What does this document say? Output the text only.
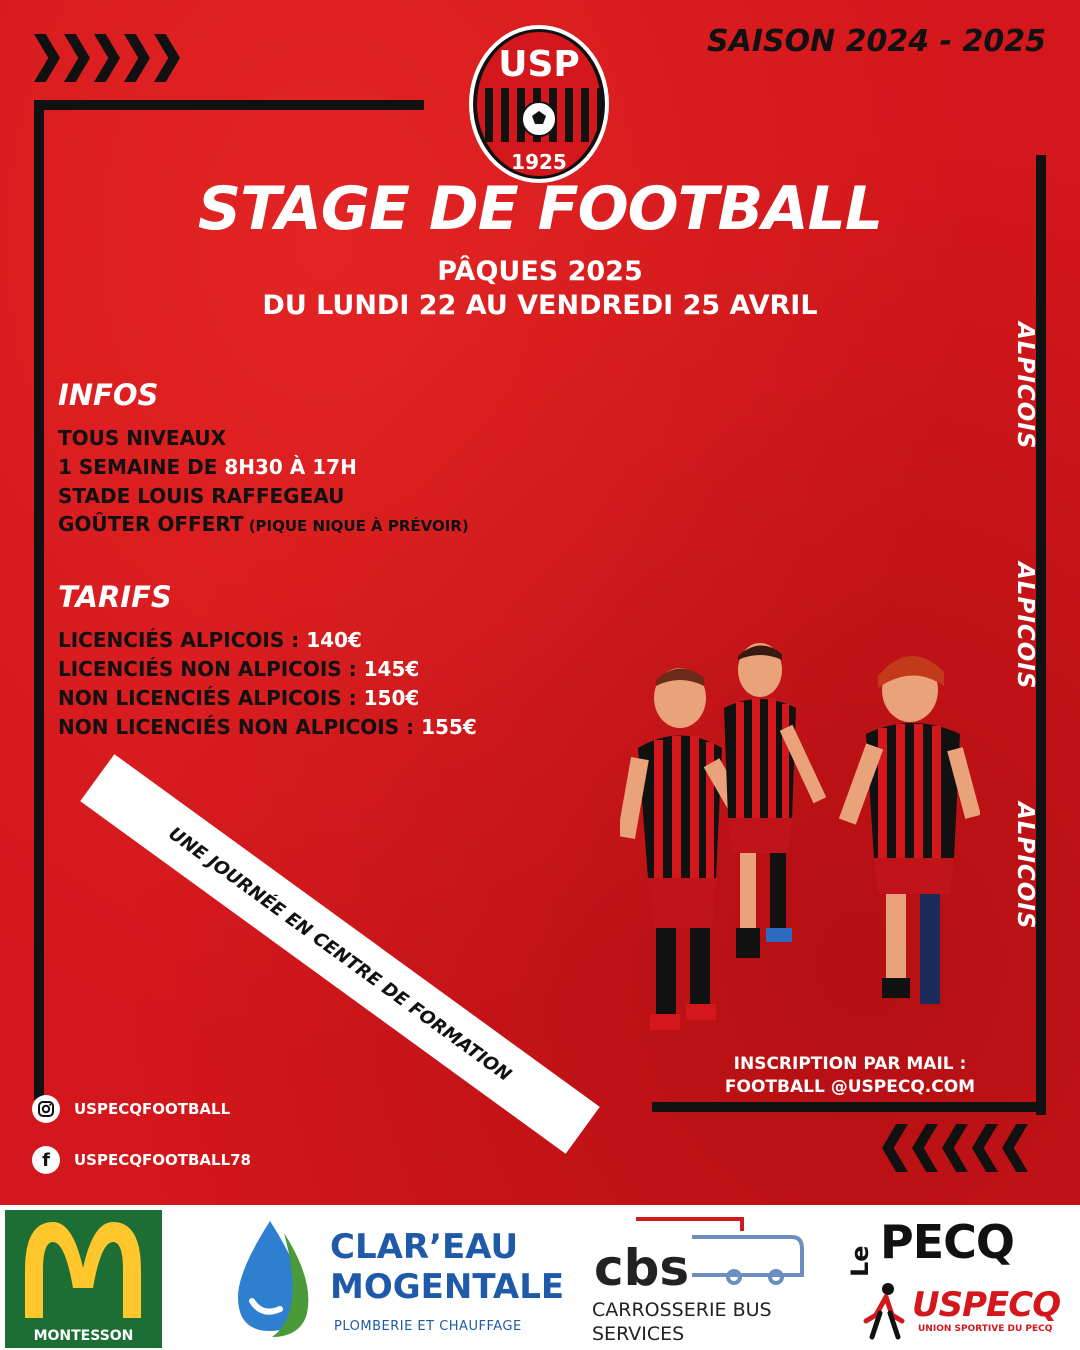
SAISON 2024 - 2025
USP
1925
STAGE DE FOOTBALL
PÂQUES 2025
DU LUNDI 22 AU VENDREDI 25 AVRIL
ALPICOIS
ALPICOIS
ALPICOIS
INFOS
TOUS NIVEAUX
1 SEMAINE DE 8H30 À 17H
STADE LOUIS RAFFEGEAU
GOÛTER OFFERT (PIQUE NIQUE À PRÉVOIR)
TARIFS
LICENCIÉS ALPICOIS : 140€
LICENCIÉS NON ALPICOIS : 145€
NON LICENCIÉS ALPICOIS : 150€
NON LICENCIÉS NON ALPICOIS : 155€
UNE JOURNÉE EN CENTRE DE FORMATION	INSCRIPTION PAR MAIL :
FOOTBALL @USPECQ.COM
USPECQFOOTBALL
f USPECQFOOTBALL78
MONTESSON
CLAR’EAU
MOGENTALE
PLOMBERIE ET CHAUFFAGE
cbs
CARROSSERIE BUS
SERVICES
Le PECQ
USPECQ
UNION SPORTIVE DU PECQ
